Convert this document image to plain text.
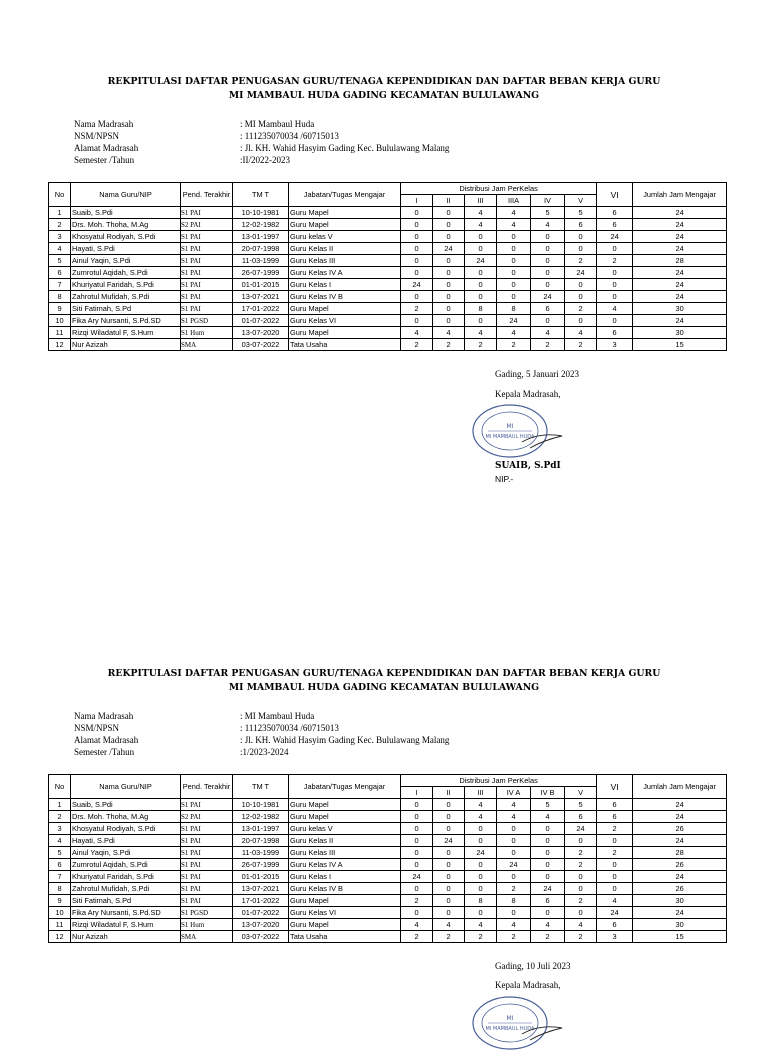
REKPITULASI DAFTAR PENUGASAN GURU/TENAGA KEPENDIDIKAN DAN DAFTAR BEBAN KERJA GURU
MI MAMBAUL HUDA GADING KECAMATAN BULULAWANG
Nama Madrasah	: MI Mambaul Huda
NSM/NPSN	: 111235070034 /60715013
Alamat Madrasah	: Jl. KH. Wahid Hasyim Gading Kec. Bululawang Malang
Semester /Tahun	:II/2022-2023
No	Nama Guru/NIP	Pend. Terakhir	TM T	Jabatan/Tugas Mengajar	Distribusi Jam PerKelas						VI	Jumlah Jam Mengajar
					I	II	III	IIIA	IV	V		
1	Suaib, S.Pdi	S1 PAI	10-10-1981	Guru Mapel	0	0	4	4	5	5	6	24
2	Drs. Moh. Thoha, M.Ag	S2 PAI	12-02-1982	Guru Mapel	0	0	4	4	4	6	6	24
3	Khosyatul Rodiyah, S.Pdi	S1 PAI	13-01-1997	Guru kelas V	0	0	0	0	0	0	24	24
4	Hayati, S.Pdi	S1 PAI	20-07-1998	Guru Kelas II	0	24	0	0	0	0	0	24
5	Ainul Yaqin, S.Pdi	S1 PAI	11-03-1999	Guru Kelas III	0	0	24	0	0	2	2	28
6	Zumrotul Aqidah, S.Pdi	S1 PAI	26-07-1999	Guru Kelas IV A	0	0	0	0	0	24	0	24
7	Khuriyatul Faridah, S.Pdi	S1 PAI	01-01-2015	Guru Kelas I	24	0	0	0	0	0	0	24
8	Zahrotul Mufidah, S.Pdi	S1 PAI	13-07-2021	Guru Kelas IV B	0	0	0	0	24	0	0	24
9	Siti Fatimah, S.Pd	S1 PAI	17-01-2022	Guru Mapel	2	0	8	8	6	2	4	30
10	Fika Ary Nursanti, S.Pd.SD	S1 PGSD	01-07-2022	Guru Kelas VI	0	0	0	24	0	0	0	24
11	Rizqi Wiladatul F, S.Hum	S1 Hum	13-07-2020	Guru Mapel	4	4	4	4	4	4	6	30
12	Nur Azizah	SMA	03-07-2022	Tata Usaha	2	2	2	2	2	2	3	15
Gading, 5 Januari 2023
Kepala Madrasah,
MI
MI MAMBAUL HUDA
SUAIB, S.PdI
NIP.-
REKPITULASI DAFTAR PENUGASAN GURU/TENAGA KEPENDIDIKAN DAN DAFTAR BEBAN KERJA GURU
MI MAMBAUL HUDA GADING KECAMATAN BULULAWANG
Nama Madrasah	: MI Mambaul Huda
NSM/NPSN	: 111235070034 /60715013
Alamat Madrasah	: Jl. KH. Wahid Hasyim Gading Kec. Bululawang Malang
Semester /Tahun	:1/2023-2024
No	Nama Guru/NIP	Pend. Terakhir	TM T	Jabatan/Tugas Mengajar	Distribusi Jam PerKelas						VI	Jumlah Jam Mengajar
					I	II	III	IV A	IV B	V		
1	Suaib, S.Pdi	S1 PAI	10-10-1981	Guru Mapel	0	0	4	4	5	5	6	24
2	Drs. Moh. Thoha, M.Ag	S2 PAI	12-02-1982	Guru Mapel	0	0	4	4	4	6	6	24
3	Khosyatul Rodiyah, S.Pdi	S1 PAI	13-01-1997	Guru kelas V	0	0	0	0	0	24	2	26
4	Hayati, S.Pdi	S1 PAI	20-07-1998	Guru Kelas II	0	24	0	0	0	0	0	24
5	Ainul Yaqin, S.Pdi	S1 PAI	11-03-1999	Guru Kelas III	0	0	24	0	0	2	2	28
6	Zumrotul Aqidah, S.Pdi	S1 PAI	26-07-1999	Guru Kelas IV A	0	0	0	24	0	2	0	26
7	Khuriyatul Faridah, S.Pdi	S1 PAI	01-01-2015	Guru Kelas I	24	0	0	0	0	0	0	24
8	Zahrotul Mufidah, S.Pdi	S1 PAI	13-07-2021	Guru Kelas IV B	0	0	0	2	24	0	0	26
9	Siti Fatimah, S.Pd	S1 PAI	17-01-2022	Guru Mapel	2	0	8	8	6	2	4	30
10	Fika Ary Nursanti, S.Pd.SD	S1 PGSD	01-07-2022	Guru Kelas VI	0	0	0	0	0	0	24	24
11	Rizqi Wiladatul F, S.Hum	S1 Hum	13-07-2020	Guru Mapel	4	4	4	4	4	4	6	30
12	Nur Azizah	SMA	03-07-2022	Tata Usaha	2	2	2	2	2	2	3	15
Gading, 10 Juli 2023
Kepala Madrasah,
MI
MI MAMBAUL HUDA
